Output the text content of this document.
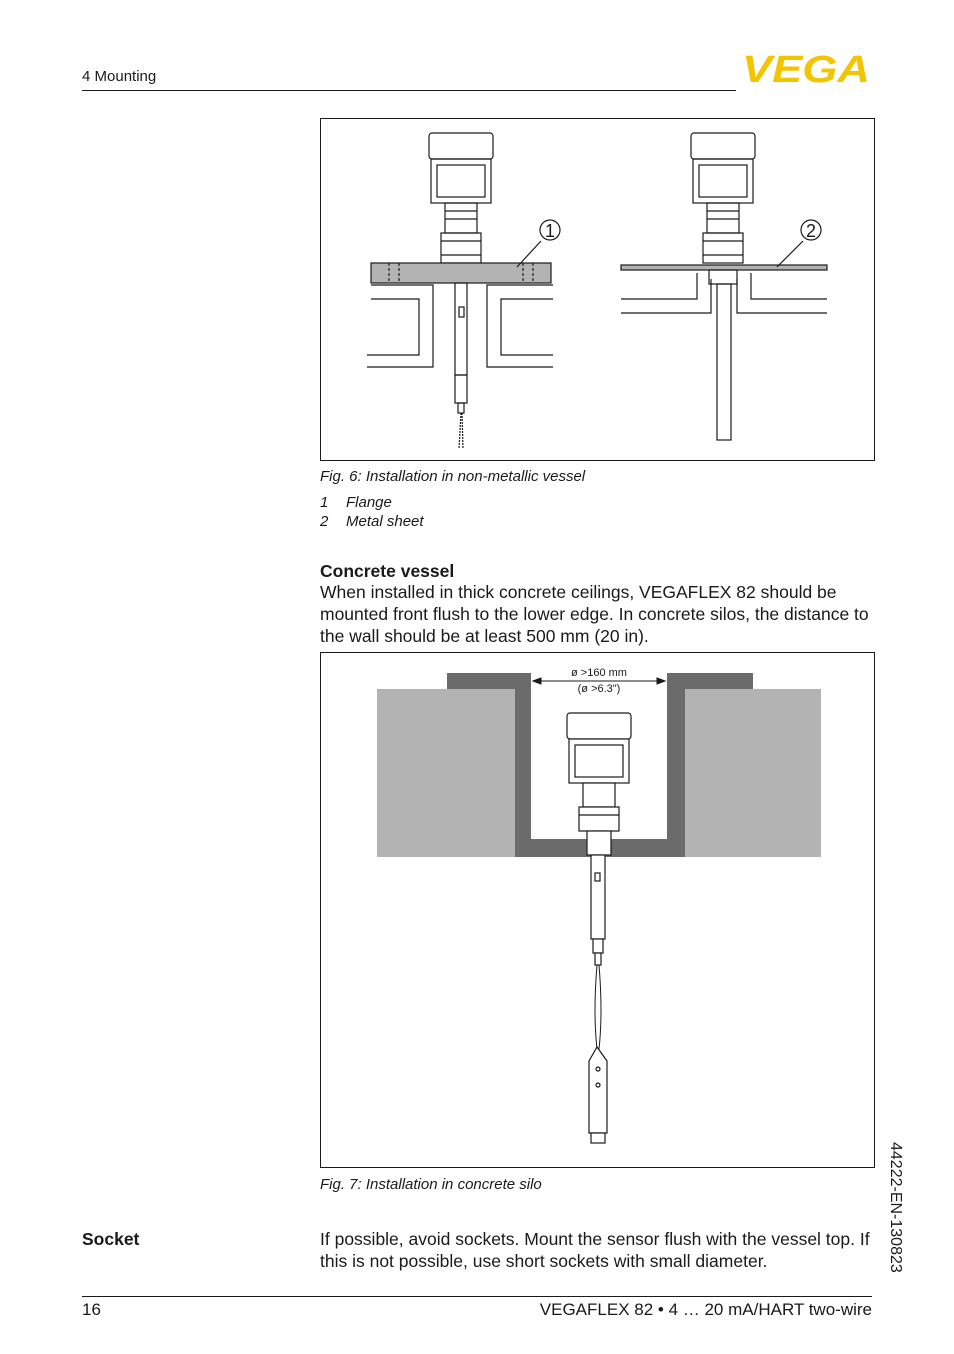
4 Mounting	VEGA
1	2
Fig. 6: Installation in non-metallic vessel
1 Flange
2 Metal sheet
Concrete vessel
When installed in thick concrete ceilings, VEGAFLEX 82 should be mounted front flush to the lower edge. In concrete silos, the distance to the wall should be at least 500 mm (20 in).
ø >160 mm
(ø >6.3")
Fig. 7: Installation in concrete silo
Socket	If possible, avoid sockets. Mount the sensor flush with the vessel top. If this is not possible, use short sockets with small diameter.	44222-EN-130823
16	VEGAFLEX 82 • 4 … 20 mA/HART two-wire
